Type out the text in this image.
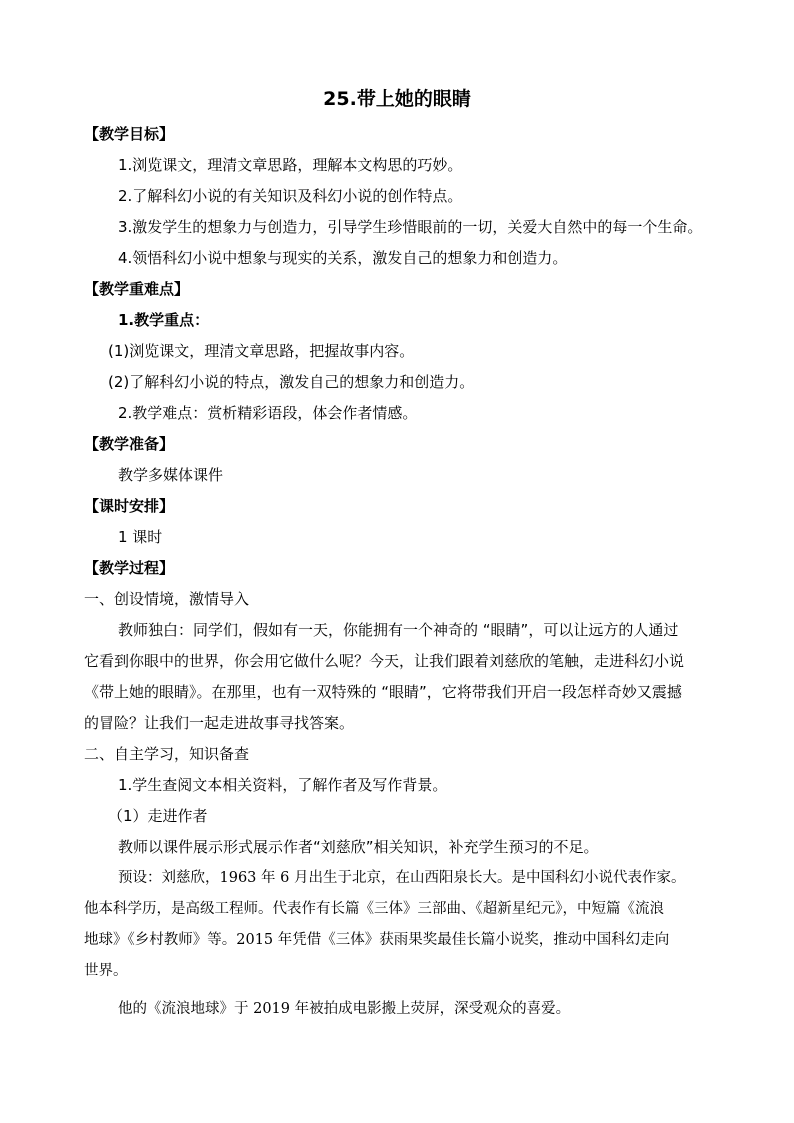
25.带上她的眼睛
【教学目标】
1.浏览课文，理清文章思路，理解本文构思的巧妙。
2.了解科幻小说的有关知识及科幻小说的创作特点。
3.激发学生的想象力与创造力，引导学生珍惜眼前的一切，关爱大自然中的每一个生命。
4.领悟科幻小说中想象与现实的关系，激发自己的想象力和创造力。
【教学重难点】
1.教学重点：
(1)浏览课文，理清文章思路，把握故事内容。
(2)了解科幻小说的特点，激发自己的想象力和创造力。
2.教学难点：赏析精彩语段，体会作者情感。
【教学准备】
教学多媒体课件
【课时安排】
1 课时
【教学过程】
一、创设情境，激情导入
教师独白：同学们，假如有一天，你能拥有一个神奇的 “眼睛”，可以让远方的人通过
它看到你眼中的世界，你会用它做什么呢？今天，让我们跟着刘慈欣的笔触，走进科幻小说
《带上她的眼睛》。在那里，也有一双特殊的 “眼睛”，它将带我们开启一段怎样奇妙又震撼
的冒险？让我们一起走进故事寻找答案。
二、自主学习，知识备查
1.学生查阅文本相关资料，了解作者及写作背景。
（1）走进作者
教师以课件展示形式展示作者“刘慈欣”相关知识，补充学生预习的不足。
预设：刘慈欣，1963 年 6 月出生于北京，在山西阳泉长大。是中国科幻小说代表作家。
他本科学历，是高级工程师。代表作有长篇《三体》三部曲、《超新星纪元》，中短篇《流浪
地球》《乡村教师》等。2015 年凭借《三体》获雨果奖最佳长篇小说奖，推动中国科幻走向
世界。
他的《流浪地球》于 2019 年被拍成电影搬上荧屏，深受观众的喜爱。
